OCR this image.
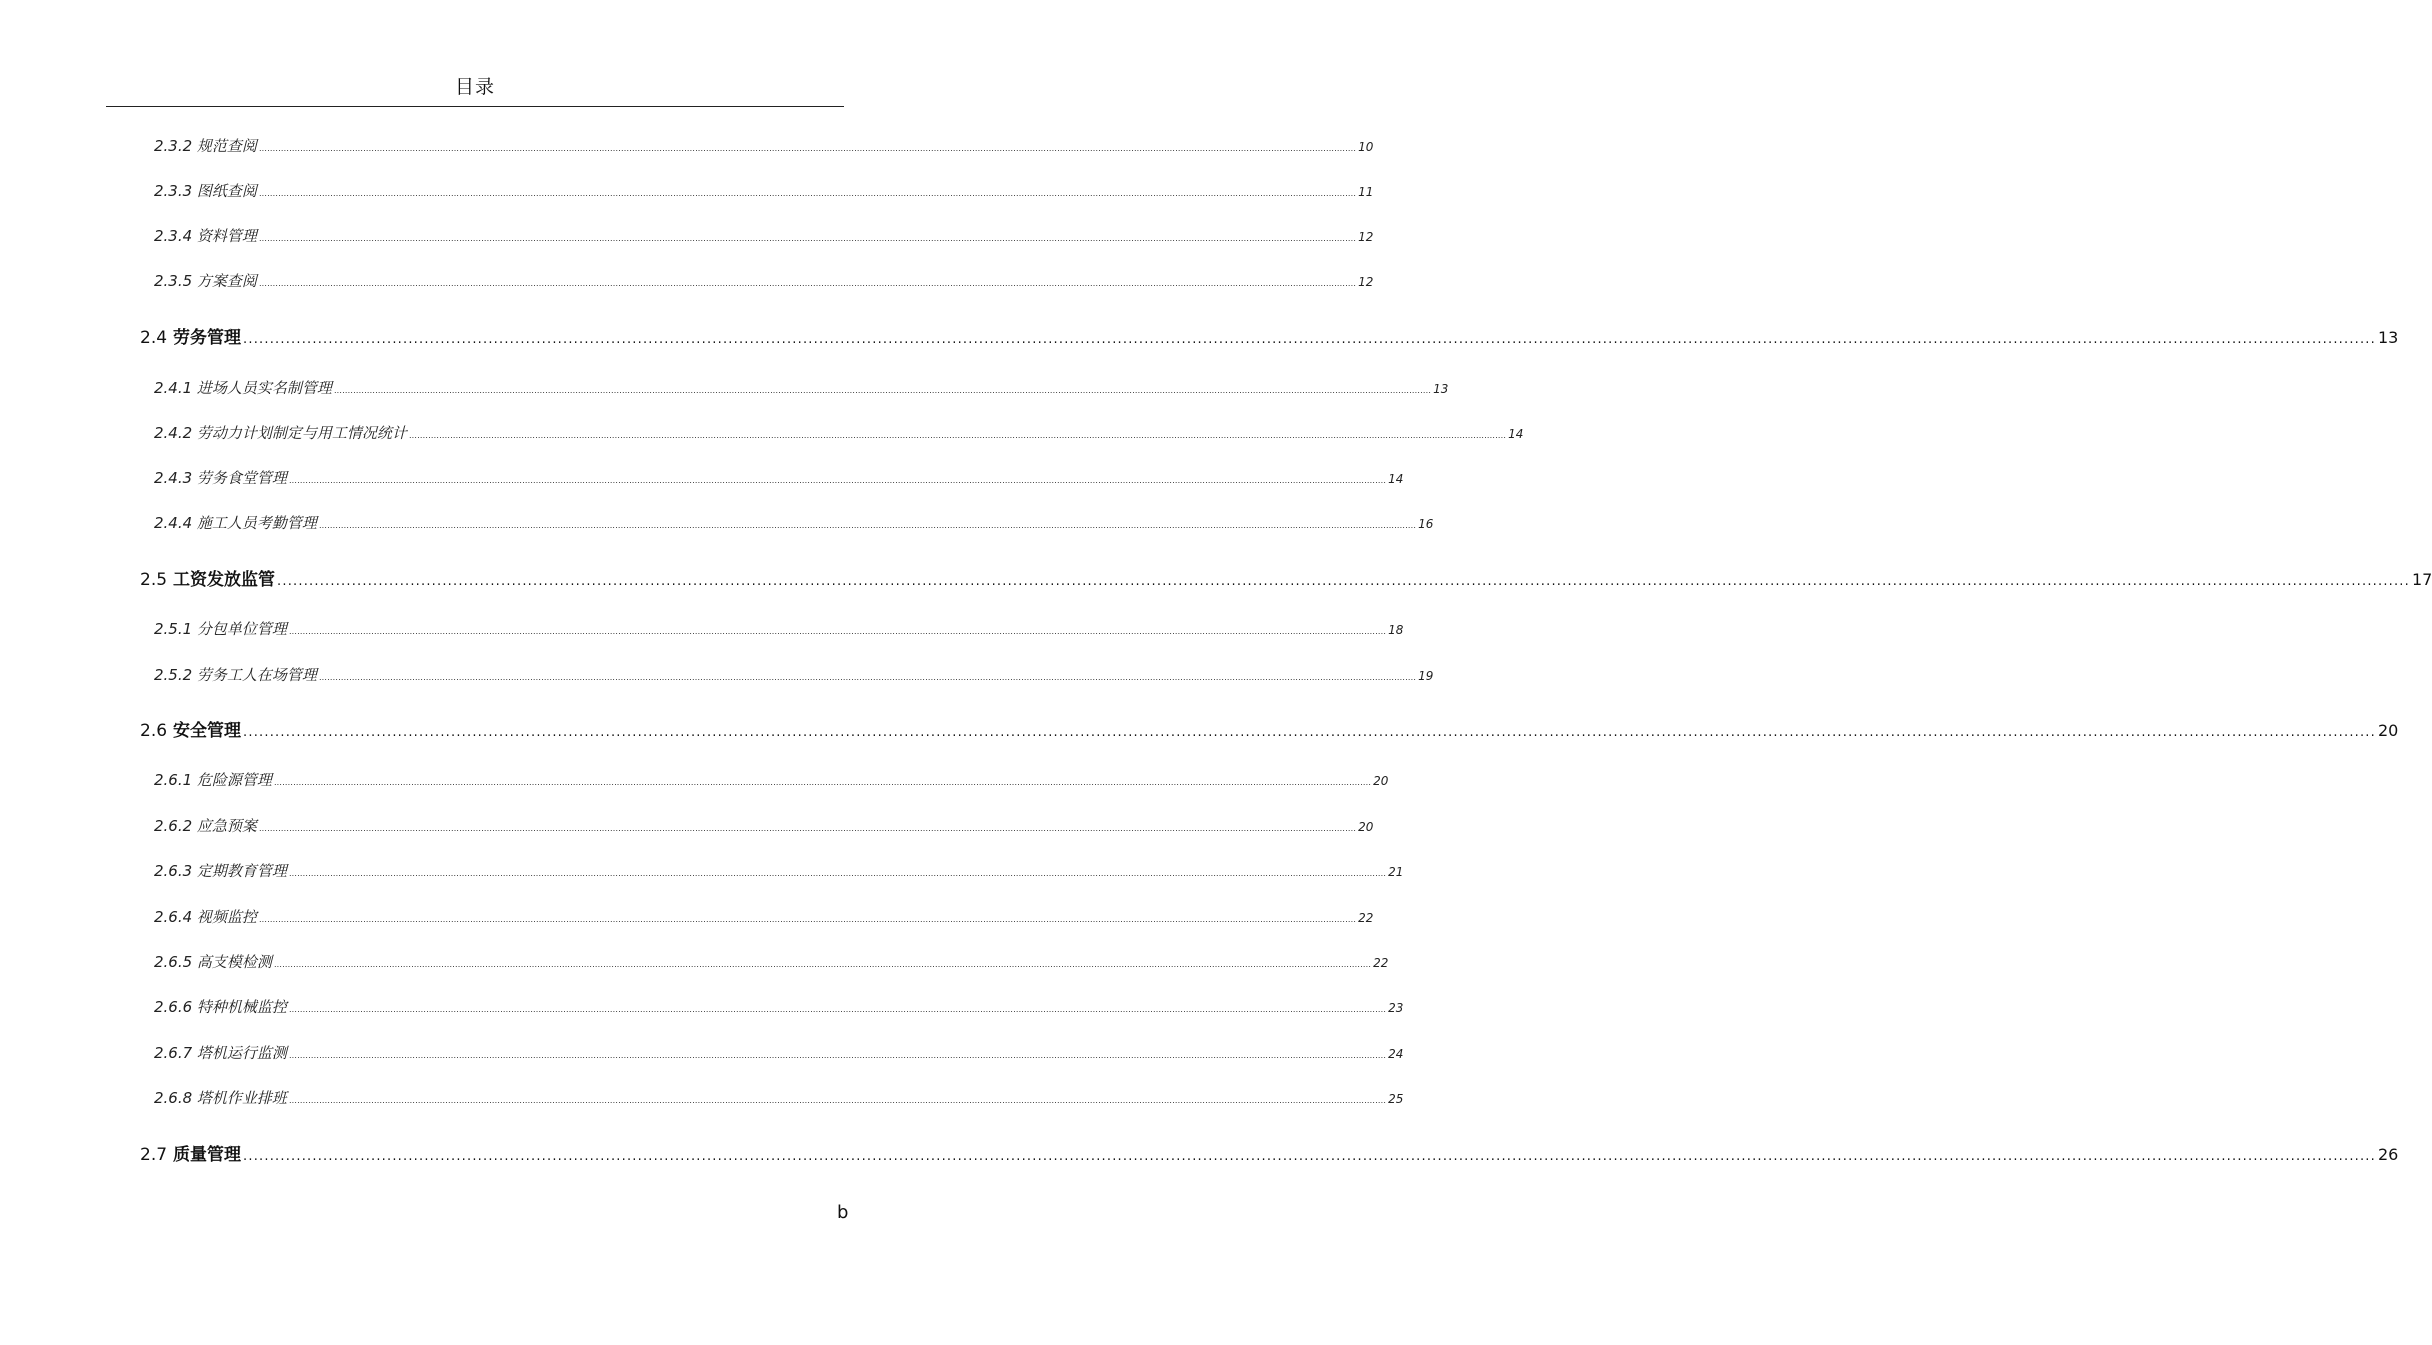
目录
2.3.2 规范查阅 ................................................................................................................................................................................................................................................................................................................................................................................................................ 10
2.3.3 图纸查阅 ................................................................................................................................................................................................................................................................................................................................................................................................................ 11
2.3.4 资料管理 ................................................................................................................................................................................................................................................................................................................................................................................................................ 12
2.3.5 方案查阅 ................................................................................................................................................................................................................................................................................................................................................................................................................ 12
2.4 劳务管理 ................................................................................................................................................................................................................................................................................................................................................................................................................ 13
2.4.1 进场人员实名制管理 ................................................................................................................................................................................................................................................................................................................................................................................................................ 13
2.4.2 劳动力计划制定与用工情况统计 ................................................................................................................................................................................................................................................................................................................................................................................................................ 14
2.4.3 劳务食堂管理 ................................................................................................................................................................................................................................................................................................................................................................................................................ 14
2.4.4 施工人员考勤管理 ................................................................................................................................................................................................................................................................................................................................................................................................................ 16
2.5 工资发放监管 ................................................................................................................................................................................................................................................................................................................................................................................................................ 17
2.5.1 分包单位管理 ................................................................................................................................................................................................................................................................................................................................................................................................................ 18
2.5.2 劳务工人在场管理 ................................................................................................................................................................................................................................................................................................................................................................................................................ 19
2.6 安全管理 ................................................................................................................................................................................................................................................................................................................................................................................................................ 20
2.6.1 危险源管理 ................................................................................................................................................................................................................................................................................................................................................................................................................ 20
2.6.2 应急预案 ................................................................................................................................................................................................................................................................................................................................................................................................................ 20
2.6.3 定期教育管理 ................................................................................................................................................................................................................................................................................................................................................................................................................ 21
2.6.4 视频监控 ................................................................................................................................................................................................................................................................................................................................................................................................................ 22
2.6.5 高支模检测 ................................................................................................................................................................................................................................................................................................................................................................................................................ 22
2.6.6 特种机械监控 ................................................................................................................................................................................................................................................................................................................................................................................................................ 23
2.6.7 塔机运行监测 ................................................................................................................................................................................................................................................................................................................................................................................................................ 24
2.6.8 塔机作业排班 ................................................................................................................................................................................................................................................................................................................................................................................................................ 25
2.7 质量管理 ................................................................................................................................................................................................................................................................................................................................................................................................................ 26
b
